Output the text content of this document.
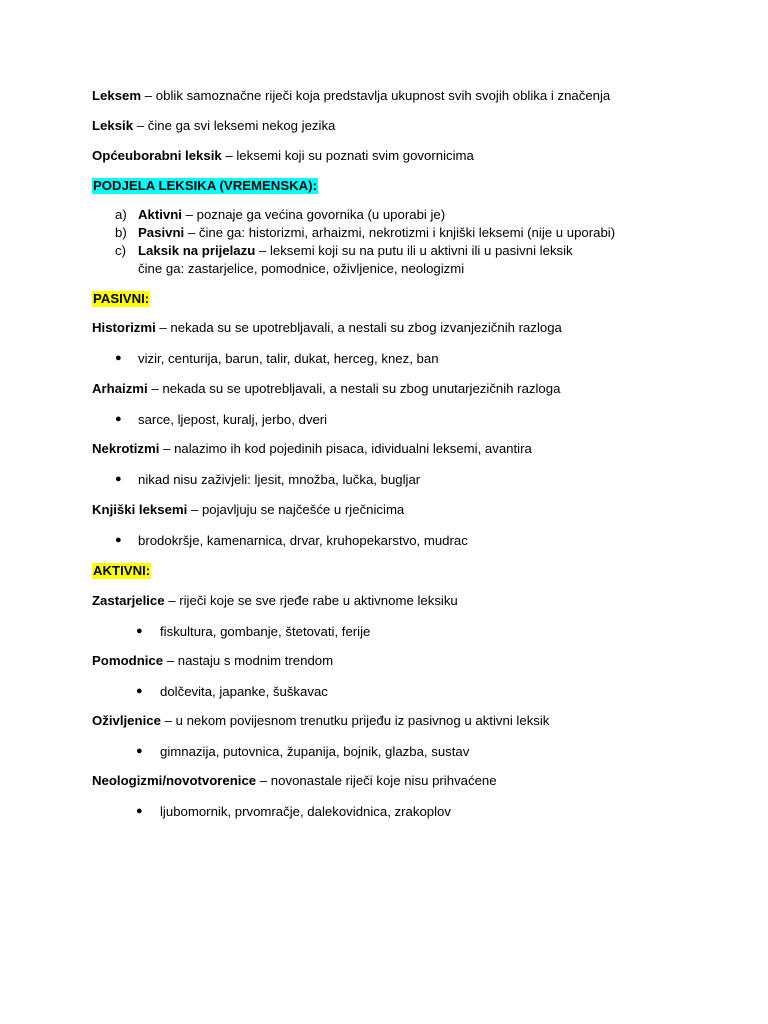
Leksem – oblik samoznačne riječi koja predstavlja ukupnost svih svojih oblika i značenja
Leksik – čine ga svi leksemi nekog jezika
Općeuborabni leksik – leksemi koji su poznati svim govornicima
PODJELA LEKSIKA (VREMENSKA):
a) Aktivni – poznaje ga većina govornika (u uporabi je)
b) Pasivni – čine ga: historizmi, arhaizmi, nekrotizmi i knjiški leksemi (nije u uporabi)
c) Laksik na prijelazu – leksemi koji su na putu ili u aktivni ili u pasivni leksik
čine ga: zastarjelice, pomodnice, oživljenice, neologizmi
PASIVNI:
Historizmi – nekada su se upotrebljavali, a nestali su zbog izvanjezičnih razloga
● vizir, centurija, barun, talir, dukat, herceg, knez, ban
Arhaizmi – nekada su se upotrebljavali, a nestali su zbog unutarjezičnih razloga
● sarce, ljepost, kuralj, jerbo, dveri
Nekrotizmi – nalazimo ih kod pojedinih pisaca, idividualni leksemi, avantira
● nikad nisu zaživjeli: ljesit, množba, lučka, bugljar
Knjiški leksemi – pojavljuju se najčešće u rječnicima
● brodokršje, kamenarnica, drvar, kruhopekarstvo, mudrac
AKTIVNI:
Zastarjelice – riječi koje se sve rjeđe rabe u aktivnome leksiku
● fiskultura, gombanje, štetovati, ferije
Pomodnice – nastaju s modnim trendom
● dolčevita, japanke, šuškavac
Oživljenice – u nekom povijesnom trenutku prijeđu iz pasivnog u aktivni leksik
● gimnazija, putovnica, županija, bojnik, glazba, sustav
Neologizmi/novotvorenice – novonastale riječi koje nisu prihvaćene
● ljubomornik, prvomračje, dalekovidnica, zrakoplov
